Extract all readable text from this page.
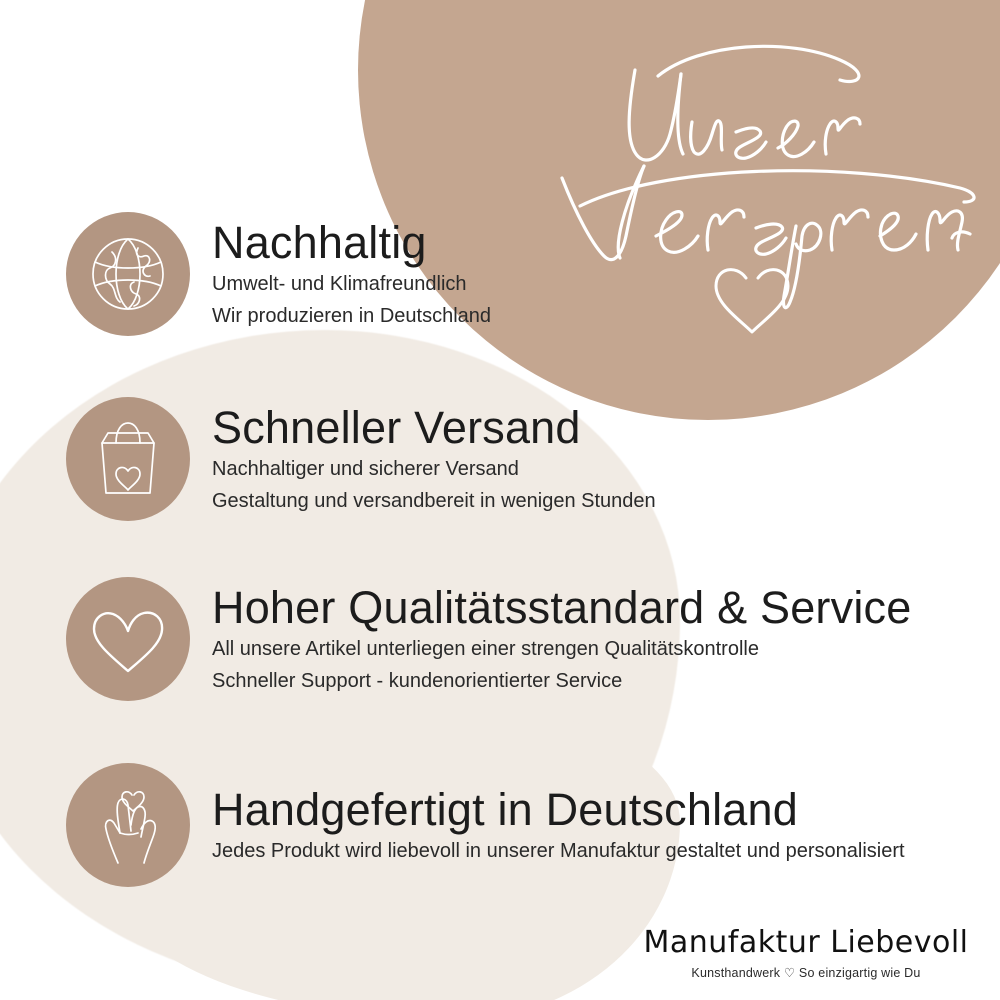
Nachhaltig

Umwelt- und Klimafreundlich

Wir produzieren in Deutschland

Schneller Versand

Nachhaltiger und sicherer Versand

Gestaltung und versandbereit in wenigen Stunden

Hoher Qualitätsstandard & Service

All unsere Artikel unterliegen einer strengen Qualitätskontrolle

Schneller Support - kundenorientierter Service

Handgefertigt in Deutschland

Jedes Produkt wird liebevoll in unserer Manufaktur gestaltet und personalisiert

Manufaktur Liebevoll
Kunsthandwerk ♡ So einzigartig wie Du
